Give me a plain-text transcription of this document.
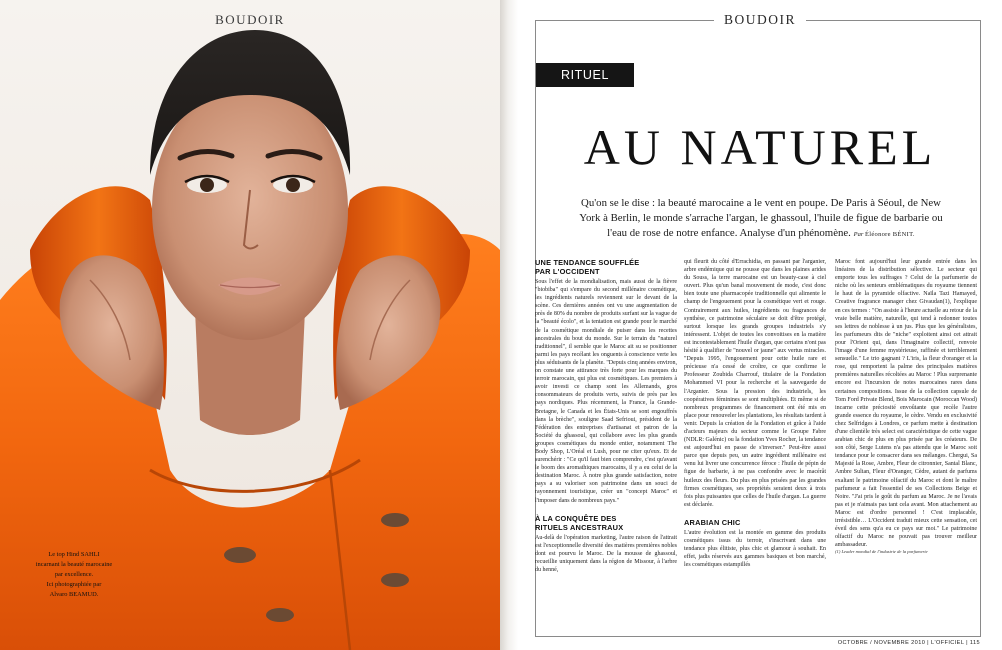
BOUDOIR
Le top Hind SAHLI
incarnant la beauté marocaine
par excellence.
Ici photographiée par
Alvaro BEAMUD.
BOUDOIR
RITUEL BEAUTÉ
AU NATUREL
Qu'on se le dise : la beauté marocaine a le vent en poupe. De Paris à Séoul, de New York à Berlin, le monde s'arrache l'argan, le ghassoul, l'huile de figue de barbarie ou l'eau de rose de notre enfance. Analyse d'un phénomène. Par Éléonore BÉNIT.
UNE TENDANCE SOUFFLÉE
PAR L'OCCIDENT

Sous l'effet de la mondialisation, mais aussi de la fièvre "biobiba" qui s'empare du second millénaire cosmétique, les ingrédients naturels reviennent sur le devant de la scène. Ces dernières années ont vu une augmentation de près de 80% du nombre de produits surfant sur la vague de la "beauté écolo", et la tentation est grande pour le marché de la cosmétique mondiale de puiser dans les recettes ancestrales du bout du monde. Sur le terrain du "naturel traditionnel", il semble que le Maroc ait su se positionner parmi les pays recélant les onguents à conscience verte les plus séduisants de la planète. "Depuis cinq années environ, on constate une attirance très forte pour les marques du terroir marocain, qui plus est cosmétiques. Les premiers à avoir investi ce champ sont les Allemands, gros consommateurs de produits verts, suivis de près par les pays nordiques. Plus récemment, la France, la Grande-Bretagne, le Canada et les États-Unis se sont engouffrés dans la brèche", souligne Saad Sefrioui, président de la Fédération des entreprises d'artisanat et patron de la Société du ghassoul, qui collabore avec les plus grands groupes cosmétiques du monde entier, notamment The Body Shop, L'Oréal et Lush, pour ne citer qu'eux. Et de surenchérir : "Ce qu'il faut bien comprendre, c'est qu'avant le boom des aromathiques marocains, il y a eu celui de la destination Maroc. À notre plus grande satisfaction, notre pays a su valoriser son patrimoine dans un souci de rayonnement touristique, créer un "concept Maroc" et l'imposer dans de nombreux pays."

À LA CONQUÊTE DES
RITUELS ANCESTRAUX

Au-delà de l'opération marketing, l'autre raison de l'attrait est l'exceptionnelle diversité des matières premières nobles dont est pourvu le Maroc. De la mousse de ghassoul, recueillie uniquement dans la région de Missour, à l'arbre du henné,

qui fleurit du côté d'Errachidia, en passant par l'arganier, arbre endémique qui ne pousse que dans les plaines arides du Souss, la terre marocaine est un beauty-case à ciel ouvert. Plus qu'un banal mouvement de mode, c'est donc bien toute une pharmacopée traditionnelle qui alimente le champ de l'engouement pour la cosmétique vert et rouge. Contrairement aux huiles, ingrédients ou fragrances de synthèse, ce patrimoine séculaire se doit d'être protégé, surtout lorsque les grands groupes industriels s'y intéressent. L'objet de toutes les convoitises en la matière est incontestablement l'huile d'argan, que certains n'ont pas hésité à qualifier de "nouvel or jaune" aux vertus miracles. "Depuis 1995, l'engouement pour cette huile rare et précieuse n'a cessé de croître, ce que confirme le Professeur Zoubida Charrouf, titulaire de la Fondation Mohammed VI pour la recherche et la sauvegarde de l'Arganier. Sous la pression des industriels, les coopératives féminines se sont multipliées. Et même si de nombreux programmes de financement ont été mis en place pour renouveler les plantations, les résultats tardent à venir. Depuis la création de la Fondation et grâce à l'aide d'acteurs majeurs du secteur comme le Groupe Fabre (NDLR: Galénic) ou la fondation Yves Rocher, la tendance est aujourd'hui en passe de s'inverser." Peut-être aussi parce que depuis peu, un autre ingrédient millénaire est venu lui livrer une concurrence féroce : l'huile de pépin de figue de barbarie, à ne pas confondre avec le macérât huileux des fleurs. Du plus en plus prisées par les grandes firmes cosmétiques, ses propriétés seraient deux à trois fois plus puissantes que celles de l'huile d'argan. La guerre est déclarée.

ARABIAN CHIC

L'autre évolution est la montée en gamme des produits cosmétiques issus du terroir, s'inscrivant dans une tendance plus élitiste, plus chic et glamour à souhait. En effet, jadis réservés aux gammes basiques et bon marché, les cosmétiques estampillés

Maroc font aujourd'hui leur grande entrée dans les linéaires de la distribution sélective. Le secteur qui emporte tous les suffrages ? Celui de la parfumerie de niche où les senteurs emblématiques du royaume tiennent le haut de la pyramide olfactive. Naïla Tazi Hamayed, Creative fragrance manager chez Givaudan(1), l'explique en ces termes : "On assiste à l'heure actuelle au retour de la vraie belle matière, naturelle, qui tend à redonner toutes ses lettres de noblesse à un jus. Plus que les généralistes, les parfumeurs dits de "niche" exploitent ainsi cet attrait pour l'Orient qui, dans l'imaginaire collectif, renvoie l'image d'une femme mystérieuse, raffinée et terriblement sensuelle." Le trio gagnant ? L'iris, la fleur d'oranger et la rose, qui remportent la palme des principales matières premières naturelles récoltées au Maroc ! Plus surprenante encore est l'incursion de notes marocaines rares dans certaines compositions. Issue de la collection capsule de Tom Ford Private Blend, Bois Marocain (Moroccan Wood) incarne cette préciosité envoûtante que recèle l'autre grande essence du royaume, le cèdre. Vendu en exclusivité chez Selfridges à Londres, ce parfum mette à destination d'une clientèle très select est caractéristique de cette vague arabian chic de plus en plus prisée par les créateurs. De son côté, Serge Lutens n'a pas attendu que le Maroc soit tendance pour le consacrer dans ses mélanges. Chergui, Sa Majesté la Rose, Ambre, Fleur de citronnier, Santal Blanc, Ambre Sultan, Fleur d'Oranger, Cèdre, autant de parfums exaltant le patrimoine olfactif du Maroc et dont le maître parfumeur a fait l'essentiel de ses Collections Beige et Noire. "J'ai pris le goût du parfum au Maroc. Je ne l'avais pas et je n'aimais pas tant cela avant. Mon attachement au Maroc est d'ordre personnel ! C'est implacable, irrésistible… L'Occident traduit mieux cette sensation, cet éveil des sens qu'a eu ce pays sur moi." Le patrimoine olfactif du Maroc ne pouvait pas trouver meilleur ambassadeur.

(1) Leader mondial de l'industrie de la parfumerie

OCTOBRE / NOVEMBRE 2010 | L'OFFICIEL | 115
